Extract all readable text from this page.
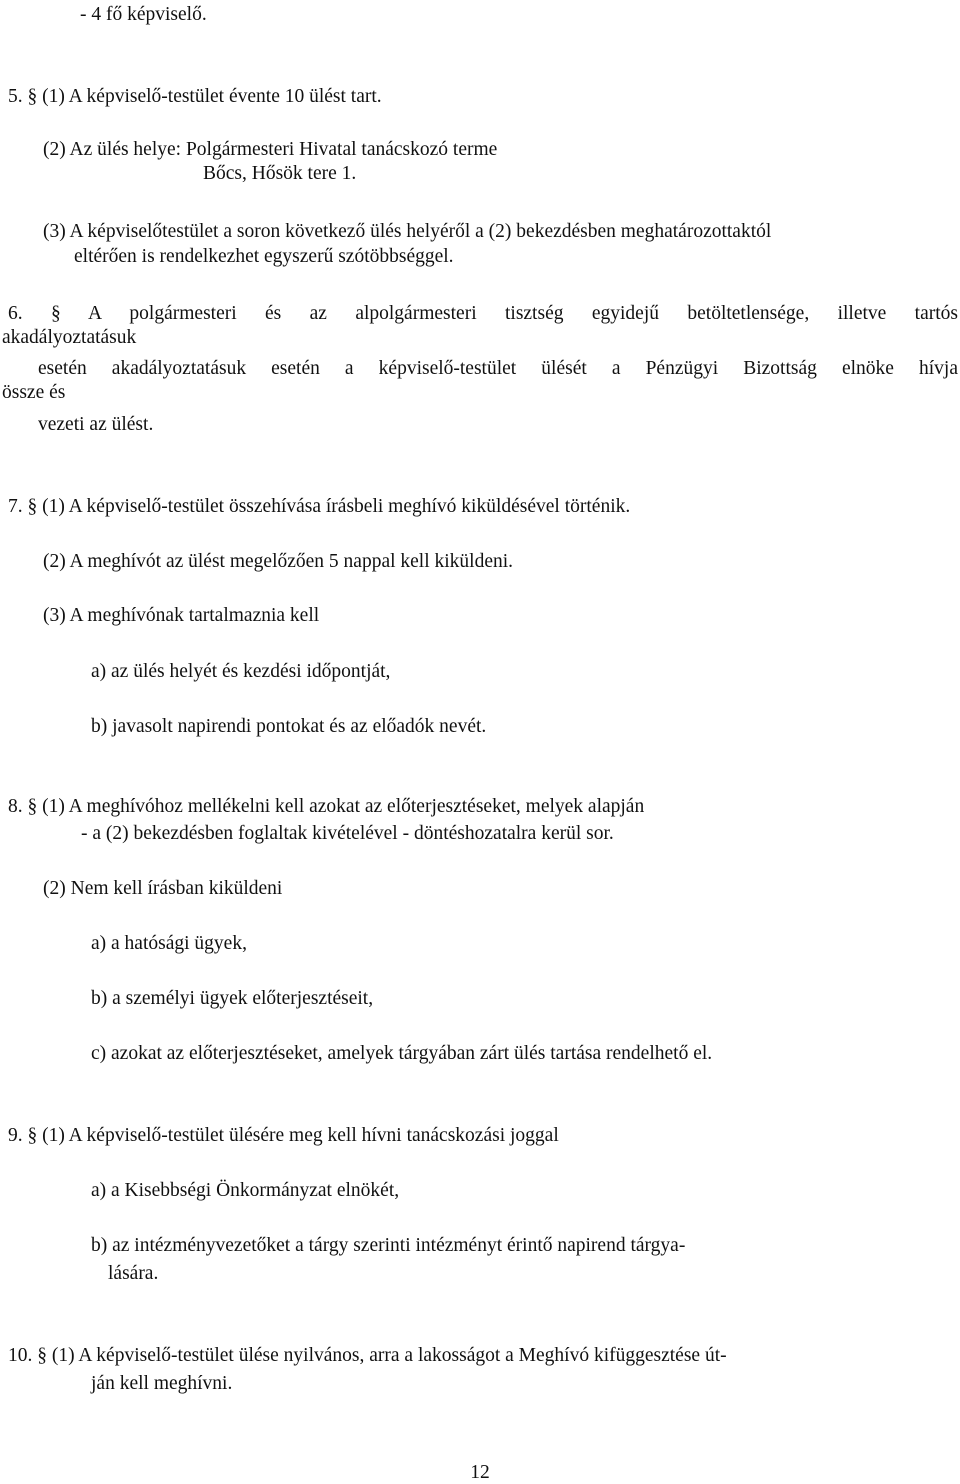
- 4 fő képviselő.
5. § (1) A képviselő-testület évente 10 ülést tart.
(2) Az ülés helye: Polgármesteri Hivatal tanácskozó terme
Bőcs, Hősök tere 1.
(3) A képviselőtestület a soron következő ülés helyéről a (2) bekezdésben meghatározottaktól
eltérően is rendelkezhet egyszerű szótöbbséggel.
6. § A polgármesteri és az alpolgármesteri tisztség egyidejű betöltetlensége, illetve tartós
akadályoztatásuk
esetén akadályoztatásuk esetén a képviselő-testület ülését a Pénzügyi Bizottság elnöke hívja
össze és
vezeti az ülést.
7. § (1) A képviselő-testület összehívása írásbeli meghívó kiküldésével történik.
(2) A meghívót az ülést megelőzően 5 nappal kell kiküldeni.
(3) A meghívónak tartalmaznia kell
a) az ülés helyét és kezdési időpontját,
b) javasolt napirendi pontokat és az előadók nevét.
8. § (1) A meghívóhoz mellékelni kell azokat az előterjesztéseket, melyek alapján
- a (2) bekezdésben foglaltak kivételével - döntéshozatalra kerül sor.
(2) Nem kell írásban kiküldeni
a) a hatósági ügyek,
b) a személyi ügyek előterjesztéseit,
c) azokat az előterjesztéseket, amelyek tárgyában zárt ülés tartása rendelhető el.
9. § (1) A képviselő-testület ülésére meg kell hívni tanácskozási joggal
a) a Kisebbségi Önkormányzat elnökét,
b) az intézményvezetőket a tárgy szerinti intézményt érintő napirend tárgya-
lására.
10. § (1) A képviselő-testület ülése nyilvános, arra a lakosságot a Meghívó kifüggesztése út-
ján kell meghívni.
12
